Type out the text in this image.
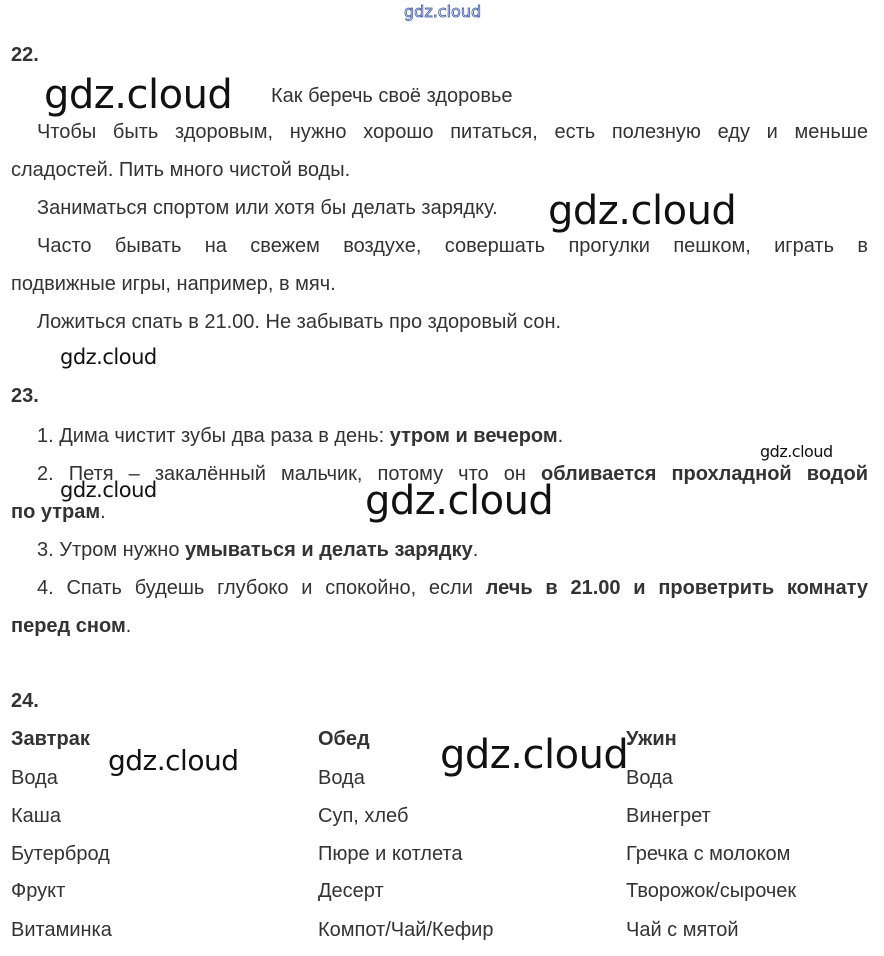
gdz.cloud
22.
gdz.cloud Как беречь своё здоровье
Чтобы быть здоровым, нужно хорошо питаться, есть полезную еду и меньше
сладостей. Пить много чистой воды.
Заниматься спортом или хотя бы делать зарядку. gdz.cloud
Часто бывать на свежем воздухе, совершать прогулки пешком, играть в
подвижные игры, например, в мяч.
Ложиться спать в 21.00. Не забывать про здоровый сон.
gdz.cloud
23.
1. Дима чистит зубы два раза в день: утром и вечером.
gdz.cloud
2. Петя – закалённый мальчик, потому что он обливается прохладной водой
gdz.cloud	gdz.cloud
по утрам.
3. Утром нужно умываться и делать зарядку.
4. Спать будешь глубоко и спокойно, если лечь в 21.00 и проветрить комнату
перед сном.
24.
Завтрак
Вода
Каша
Бутерброд
Фрукт
Витаминка
Обед
Вода
Суп, хлеб
Пюре и котлета
Десерт
Компот/Чай/Кефир
Ужин
Вода
Винегрет
Гречка с молоком
Творожок/сырочек
Чай с мятой
gdz.cloud	gdz.cloud
